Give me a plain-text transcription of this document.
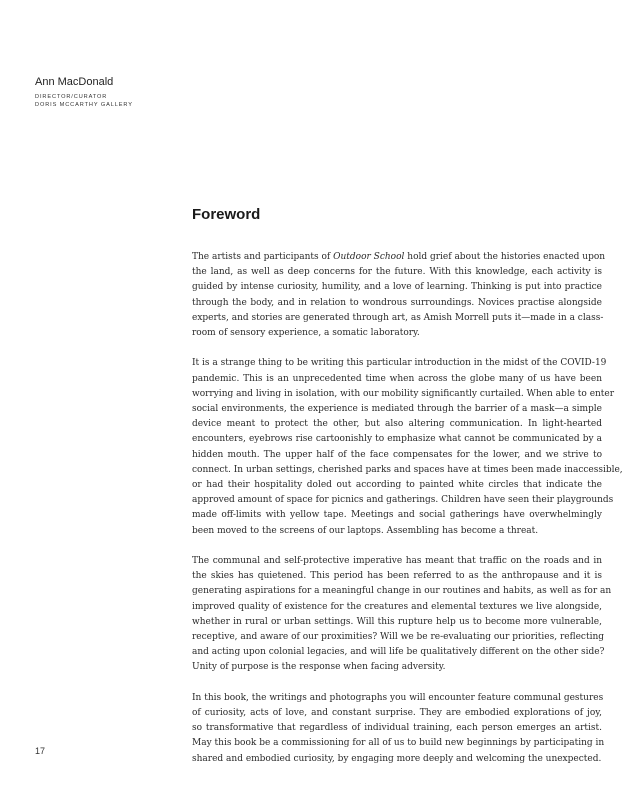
Ann MacDonald
DIRECTOR/CURATOR
DORIS MCCARTHY GALLERY
Foreword

The artists and participants of Outdoor School hold grief about the histories enacted upon
the land, as well as deep concerns for the future. With this knowledge, each activity is
guided by intense curiosity, humility, and a love of learning. Thinking is put into practice
through the body, and in relation to wondrous surroundings. Novices practise alongside
experts, and stories are generated through art, as Amish Morrell puts it—made in a class-
room of sensory experience, a somatic laboratory.

It is a strange thing to be writing this particular introduction in the midst of the COVID-19
pandemic. This is an unprecedented time when across the globe many of us have been
worrying and living in isolation, with our mobility significantly curtailed. When able to enter
social environments, the experience is mediated through the barrier of a mask—a simple
device meant to protect the other, but also altering communication. In light-hearted
encounters, eyebrows rise cartoonishly to emphasize what cannot be communicated by a
hidden mouth. The upper half of the face compensates for the lower, and we strive to
connect. In urban settings, cherished parks and spaces have at times been made inaccessible,
or had their hospitality doled out according to painted white circles that indicate the
approved amount of space for picnics and gatherings. Children have seen their playgrounds
made off-limits with yellow tape. Meetings and social gatherings have overwhelmingly
been moved to the screens of our laptops. Assembling has become a threat.

The communal and self-protective imperative has meant that traffic on the roads and in
the skies has quietened. This period has been referred to as the anthropause and it is
generating aspirations for a meaningful change in our routines and habits, as well as for an
improved quality of existence for the creatures and elemental textures we live alongside,
whether in rural or urban settings. Will this rupture help us to become more vulnerable,
receptive, and aware of our proximities? Will we be re-evaluating our priorities, reflecting
and acting upon colonial legacies, and will life be qualitatively different on the other side?
Unity of purpose is the response when facing adversity.

In this book, the writings and photographs you will encounter feature communal gestures
of curiosity, acts of love, and constant surprise. They are embodied explorations of joy,
so transformative that regardless of individual training, each person emerges an artist.
May this book be a commissioning for all of us to build new beginnings by participating in
shared and embodied curiosity, by engaging more deeply and welcoming the unexpected.

17
